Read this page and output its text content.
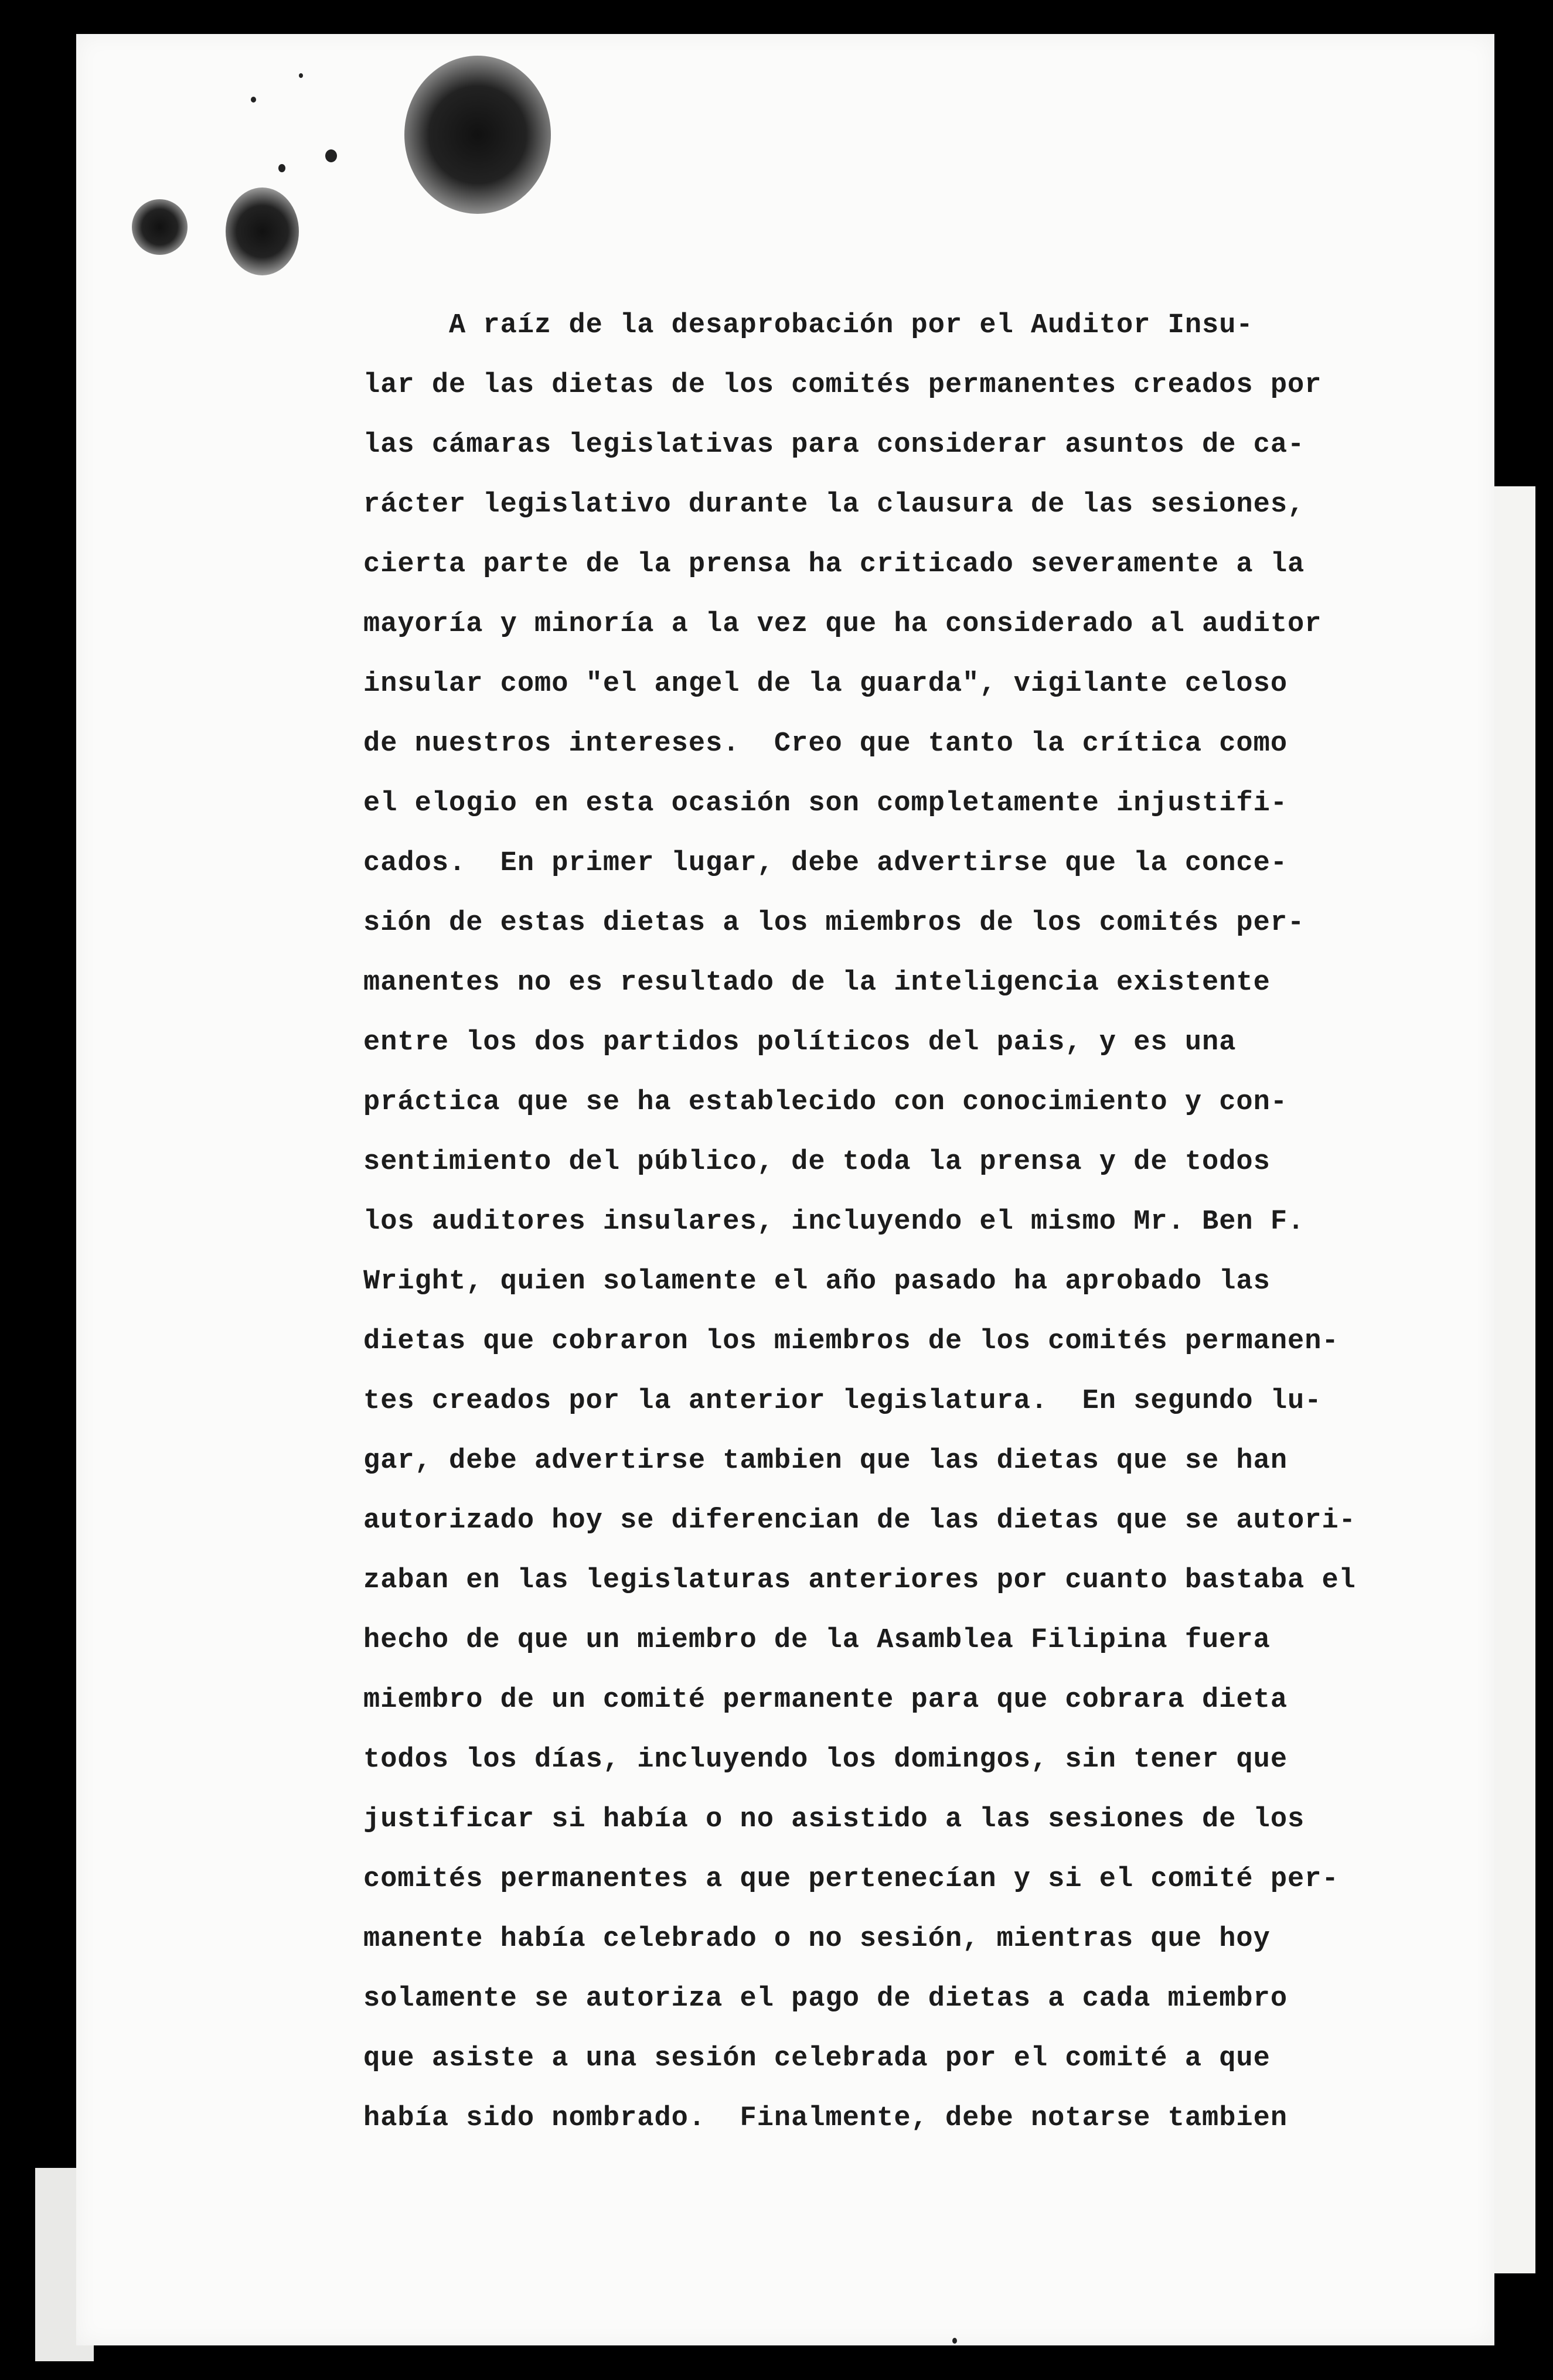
A raíz de la desaprobación por el Auditor Insu-
lar de las dietas de los comités permanentes creados por
las cámaras legislativas para considerar asuntos de ca-
rácter legislativo durante la clausura de las sesiones,
cierta parte de la prensa ha criticado severamente a la
mayoría y minoría a la vez que ha considerado al auditor
insular como "el angel de la guarda", vigilante celoso
de nuestros intereses.  Creo que tanto la crítica como
el elogio en esta ocasión son completamente injustifi-
cados.  En primer lugar, debe advertirse que la conce-
sión de estas dietas a los miembros de los comités per-
manentes no es resultado de la inteligencia existente
entre los dos partidos políticos del pais, y es una
práctica que se ha establecido con conocimiento y con-
sentimiento del público, de toda la prensa y de todos
los auditores insulares, incluyendo el mismo Mr. Ben F.
Wright, quien solamente el año pasado ha aprobado las
dietas que cobraron los miembros de los comités permanen-
tes creados por la anterior legislatura.  En segundo lu-
gar, debe advertirse tambien que las dietas que se han
autorizado hoy se diferencian de las dietas que se autori-
zaban en las legislaturas anteriores por cuanto bastaba el
hecho de que un miembro de la Asamblea Filipina fuera
miembro de un comité permanente para que cobrara dieta
todos los días, incluyendo los domingos, sin tener que
justificar si había o no asistido a las sesiones de los
comités permanentes a que pertenecían y si el comité per-
manente había celebrado o no sesión, mientras que hoy
solamente se autoriza el pago de dietas a cada miembro
que asiste a una sesión celebrada por el comité a que
había sido nombrado.  Finalmente, debe notarse tambien
